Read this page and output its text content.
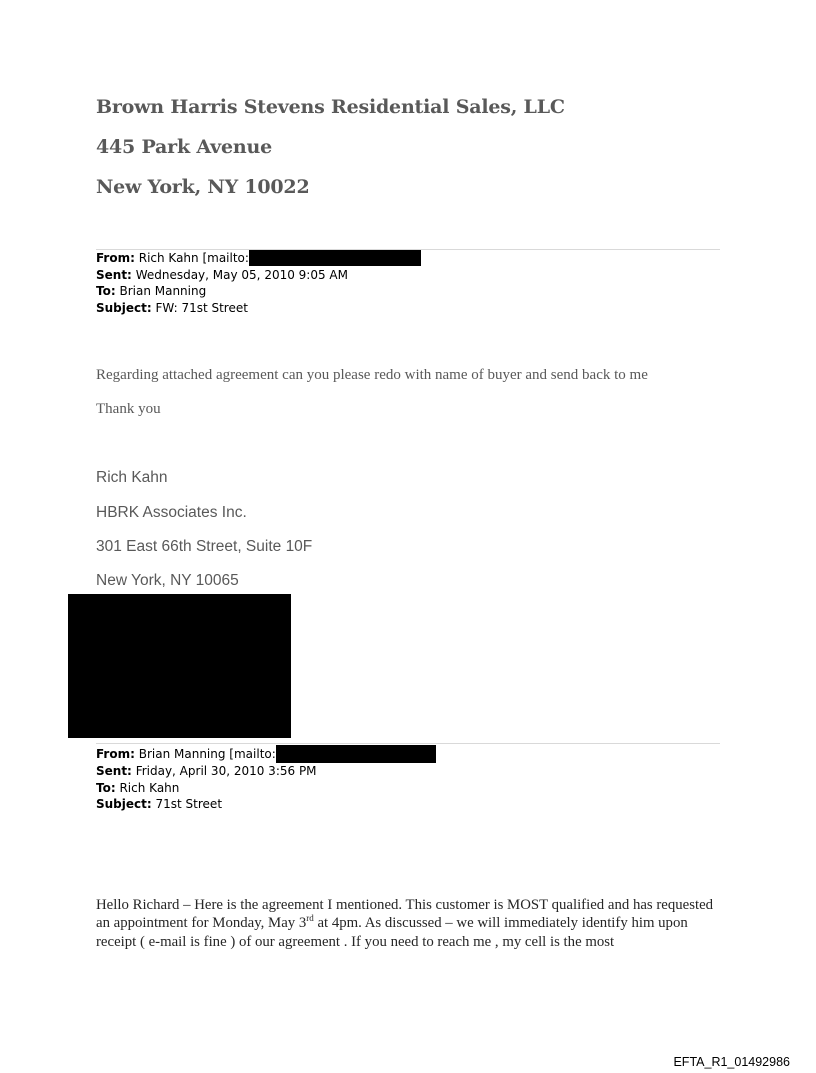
Brown Harris Stevens Residential Sales, LLC
445 Park Avenue
New York, NY 10022
From:
Rich Kahn [mailto:
Sent: Wednesday, May 05, 2010 9:05 AM
To: Brian Manning
Subject: FW: 71st Street
Regarding attached agreement can you please redo with name of buyer and send back to me
Thank you
Rich Kahn
HBRK Associates Inc.
301 East 66th Street, Suite 10F
New York, NY 10065
From:
Brian Manning [mailto:
Sent: Friday, April 30, 2010 3:56 PM
To: Rich Kahn
Subject: 71st Street

Hello Richard – Here is the agreement I mentioned. This customer is MOST qualified and has requested an appointment for Monday, May 3rd at 4pm. As discussed – we will immediately identify him upon receipt ( e-mail is fine ) of our agreement . If you need to reach me , my cell is the most

EFTA_R1_01492986
